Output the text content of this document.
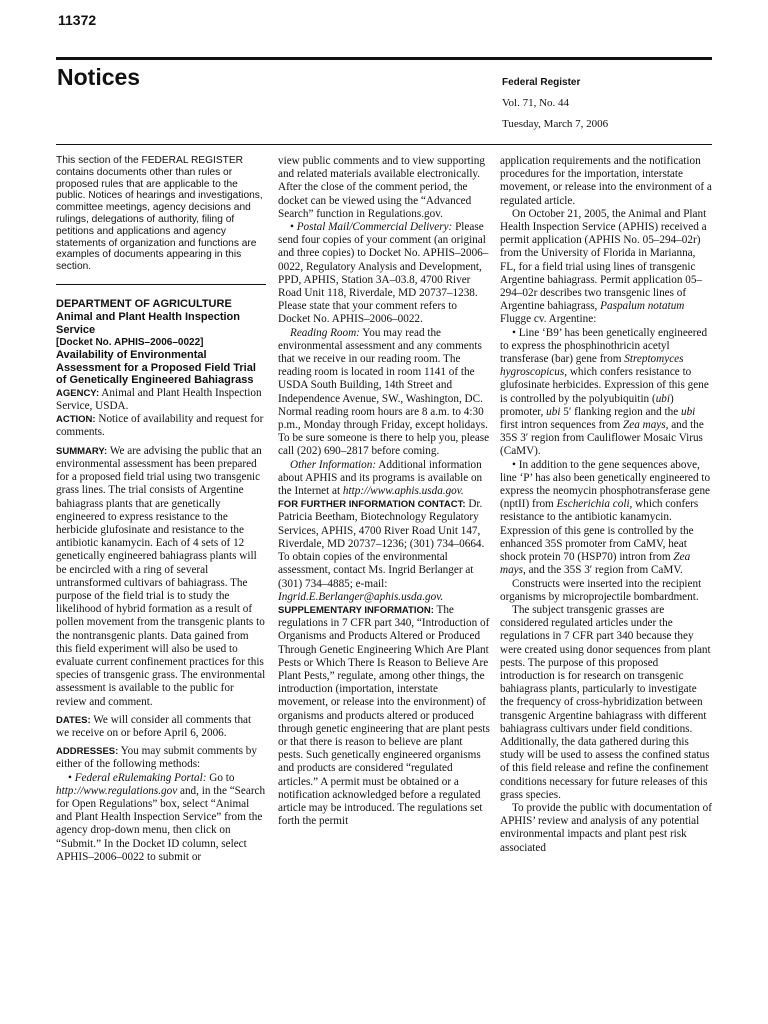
11372
Notices	Federal Register
Vol. 71, No. 44
Tuesday, March 7, 2006

This section of the FEDERAL REGISTER contains documents other than rules or proposed rules that are applicable to the public. Notices of hearings and investigations, committee meetings, agency decisions and rulings, delegations of authority, filing of petitions and applications and agency statements of organization and functions are examples of documents appearing in this section.

DEPARTMENT OF AGRICULTURE

Animal and Plant Health Inspection Service

[Docket No. APHIS–2006–0022]

Availability of Environmental Assessment for a Proposed Field Trial of Genetically Engineered Bahiagrass

AGENCY: Animal and Plant Health Inspection Service, USDA.

ACTION: Notice of availability and request for comments.

SUMMARY: We are advising the public that an environmental assessment has been prepared for a proposed field trial using two transgenic grass lines. The trial consists of Argentine bahiagrass plants that are genetically engineered to express resistance to the herbicide glufosinate and resistance to the antibiotic kanamycin. Each of 4 sets of 12 genetically engineered bahiagrass plants will be encircled with a ring of several untransformed cultivars of bahiagrass. The purpose of the field trial is to study the likelihood of hybrid formation as a result of pollen movement from the transgenic plants to the nontransgenic plants. Data gained from this field experiment will also be used to evaluate current confinement practices for this species of transgenic grass. The environmental assessment is available to the public for review and comment.

DATES: We will consider all comments that we receive on or before April 6, 2006.

ADDRESSES: You may submit comments by either of the following methods:

• Federal eRulemaking Portal: Go to http://www.regulations.gov and, in the “Search for Open Regulations” box, select “Animal and Plant Health Inspection Service” from the agency drop-down menu, then click on “Submit.” In the Docket ID column, select APHIS–2006–0022 to submit or

view public comments and to view supporting and related materials available electronically. After the close of the comment period, the docket can be viewed using the “Advanced Search” function in Regulations.gov.

• Postal Mail/Commercial Delivery: Please send four copies of your comment (an original and three copies) to Docket No. APHIS–2006–0022, Regulatory Analysis and Development, PPD, APHIS, Station 3A–03.8, 4700 River Road Unit 118, Riverdale, MD 20737–1238. Please state that your comment refers to Docket No. APHIS–2006–0022.

Reading Room: You may read the environmental assessment and any comments that we receive in our reading room. The reading room is located in room 1141 of the USDA South Building, 14th Street and Independence Avenue, SW., Washington, DC. Normal reading room hours are 8 a.m. to 4:30 p.m., Monday through Friday, except holidays. To be sure someone is there to help you, please call (202) 690–2817 before coming.

Other Information: Additional information about APHIS and its programs is available on the Internet at http://www.aphis.usda.gov.

FOR FURTHER INFORMATION CONTACT: Dr. Patricia Beetham, Biotechnology Regulatory Services, APHIS, 4700 River Road Unit 147, Riverdale, MD 20737–1236; (301) 734–0664. To obtain copies of the environmental assessment, contact Ms. Ingrid Berlanger at (301) 734–4885; e-mail: Ingrid.E.Berlanger@aphis.usda.gov.

SUPPLEMENTARY INFORMATION: The regulations in 7 CFR part 340, “Introduction of Organisms and Products Altered or Produced Through Genetic Engineering Which Are Plant Pests or Which There Is Reason to Believe Are Plant Pests,” regulate, among other things, the introduction (importation, interstate movement, or release into the environment) of organisms and products altered or produced through genetic engineering that are plant pests or that there is reason to believe are plant pests. Such genetically engineered organisms and products are considered “regulated articles.” A permit must be obtained or a notification acknowledged before a regulated article may be introduced. The regulations set forth the permit

application requirements and the notification procedures for the importation, interstate movement, or release into the environment of a regulated article.

On October 21, 2005, the Animal and Plant Health Inspection Service (APHIS) received a permit application (APHIS No. 05–294–02r) from the University of Florida in Marianna, FL, for a field trial using lines of transgenic Argentine bahiagrass. Permit application 05–294–02r describes two transgenic lines of Argentine bahiagrass, Paspalum notatum Flugge cv. Argentine:

• Line ‘B9’ has been genetically engineered to express the phosphinothricin acetyl transferase (bar) gene from Streptomyces hygroscopicus, which confers resistance to glufosinate herbicides. Expression of this gene is controlled by the polyubiquitin (ubi) promoter, ubi 5′ flanking region and the ubi first intron sequences from Zea mays, and the 35S 3′ region from Cauliflower Mosaic Virus (CaMV).

• In addition to the gene sequences above, line ‘P’ has also been genetically engineered to express the neomycin phosphotransferase gene (nptII) from Escherichia coli, which confers resistance to the antibiotic kanamycin. Expression of this gene is controlled by the enhanced 35S promoter from CaMV, heat shock protein 70 (HSP70) intron from Zea mays, and the 35S 3′ region from CaMV.

Constructs were inserted into the recipient organisms by microprojectile bombardment.

The subject transgenic grasses are considered regulated articles under the regulations in 7 CFR part 340 because they were created using donor sequences from plant pests. The purpose of this proposed introduction is for research on transgenic bahiagrass plants, particularly to investigate the frequency of cross-hybridization between transgenic Argentine bahiagrass with different bahiagrass cultivars under field conditions. Additionally, the data gathered during this study will be used to assess the confined status of this field release and refine the confinement conditions necessary for future releases of this grass species.

To provide the public with documentation of APHIS’ review and analysis of any potential environmental impacts and plant pest risk associated
